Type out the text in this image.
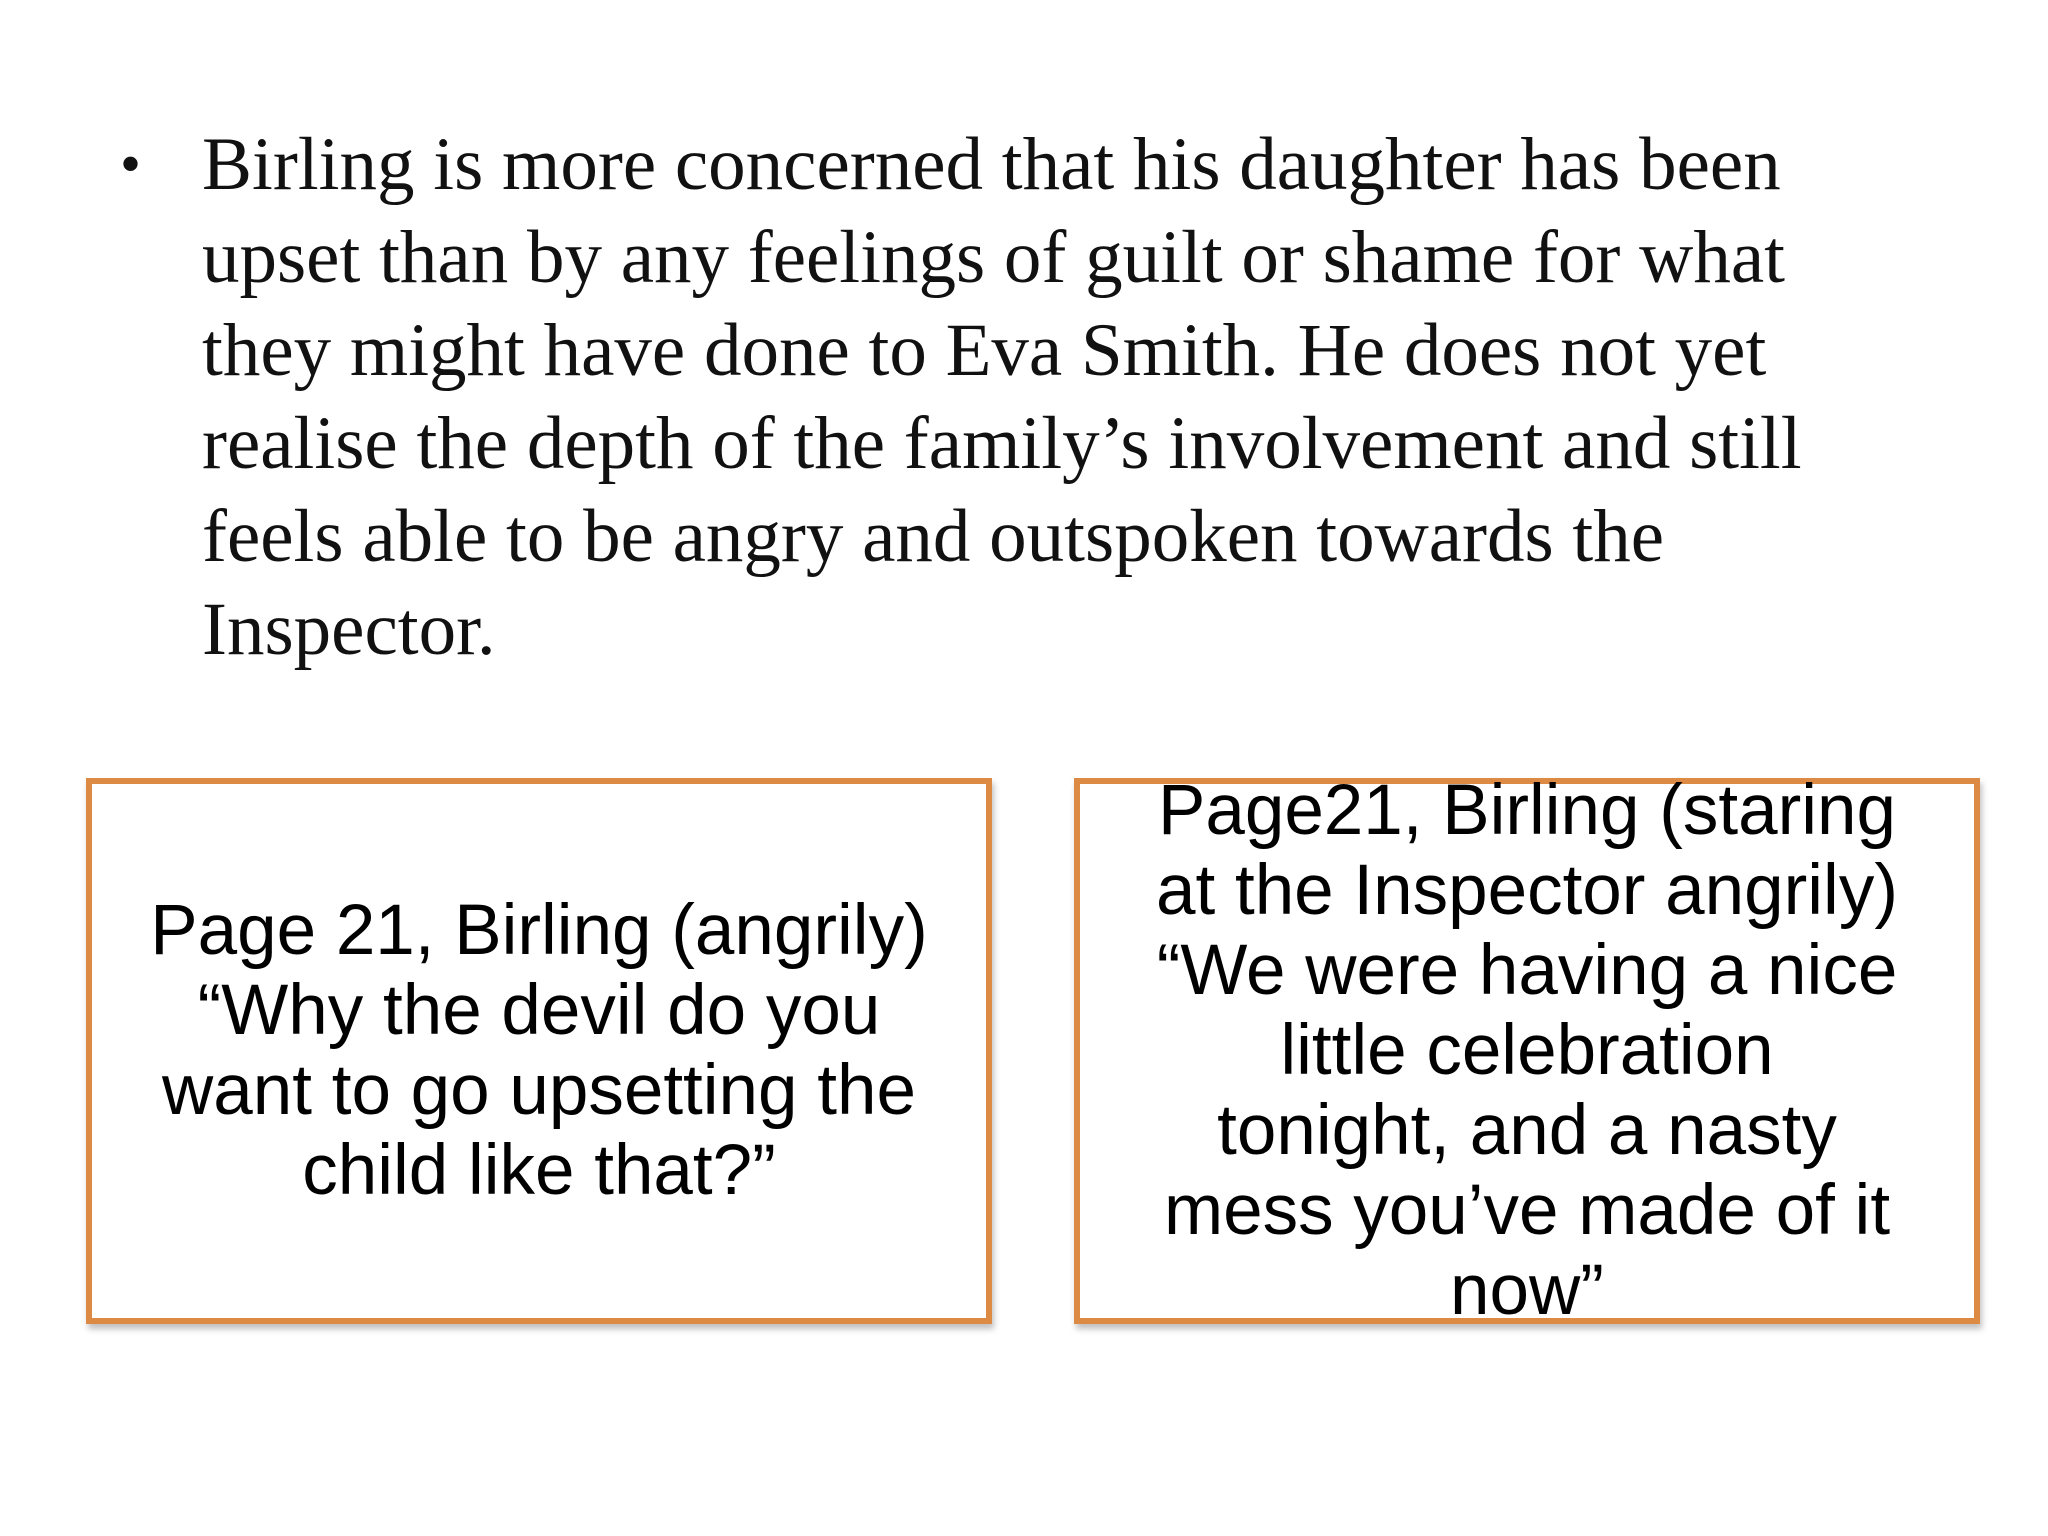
• Birling is more concerned that his daughter has been upset than by any feelings of guilt or shame for what they might have done to Eva Smith. He does not yet realise the depth of the family’s involvement and still feels able to be angry and outspoken towards the Inspector.
Page 21, Birling (angrily)
“Why the devil do you
want to go upsetting the
child like that?”
Page21, Birling (staring
at the Inspector angrily)
“We were having a nice
little celebration
tonight, and a nasty
mess you’ve made of it
now”
